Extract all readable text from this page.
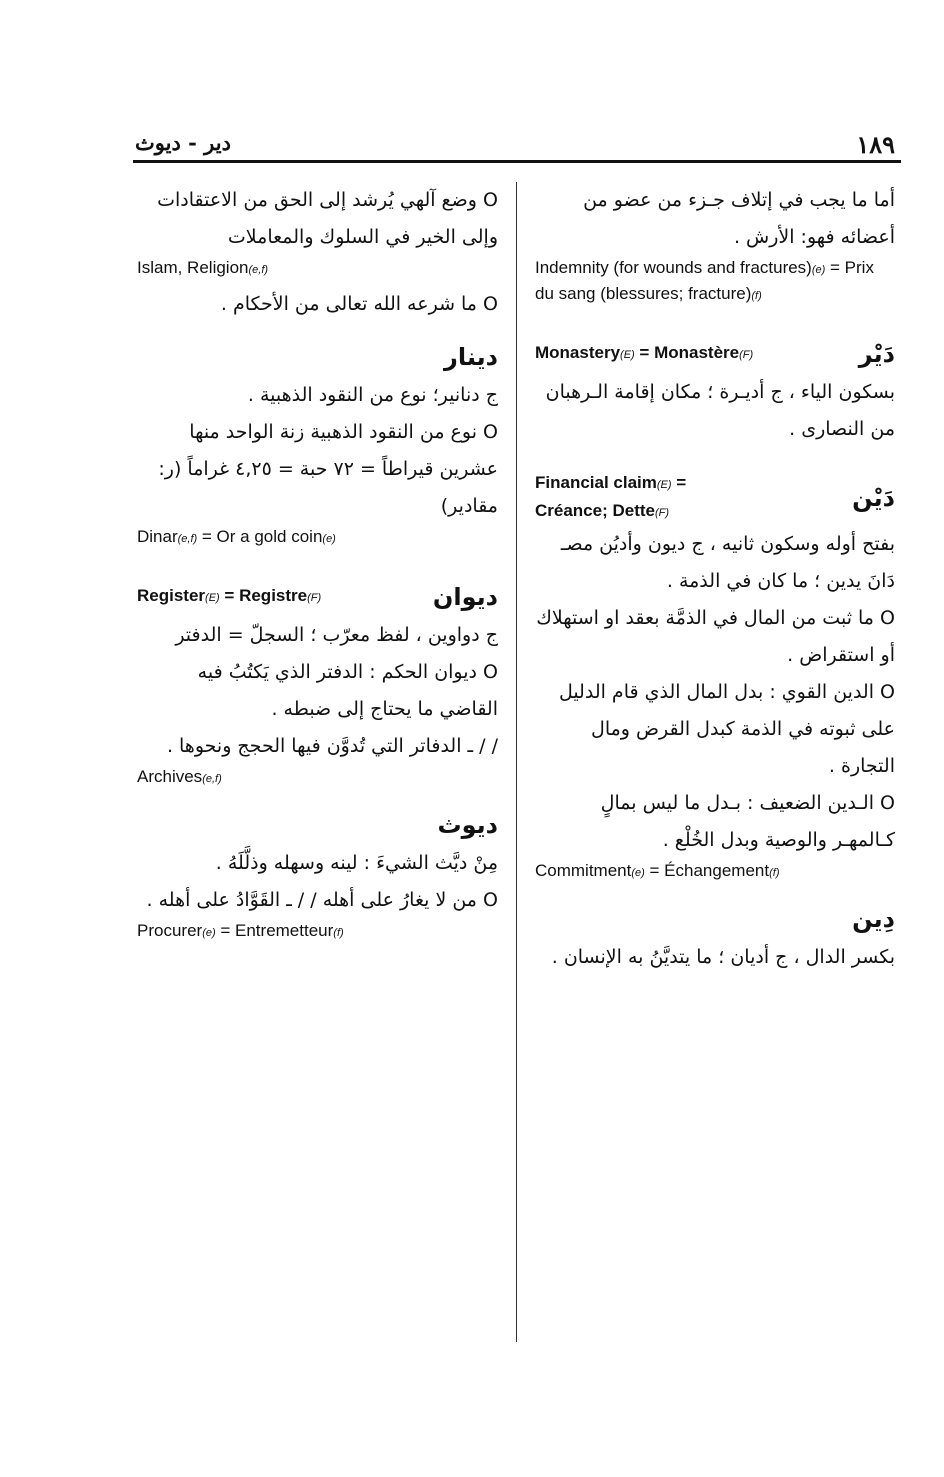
١٨٩
دير - ديوث
أما ما يجب في إتلاف جـزء من عضو من أعضائه فهو: الأرش .
Indemnity (for wounds and fractures)(e) = Prix du sang (blessures; fracture)(f)
Monastery(E) = Monastère(F)	دَيْر
بسكون الياء ، ج أديـرة ؛ مكان إقامة الـرهبان من النصارى .
Financial claim(E) =
Créance; Dette(F)
دَيْن
بفتح أوله وسكون ثانيه ، ج ديون وأديُن مصـ دَانَ يدين ؛ ما كان في الذمة .
O ما ثبت من المال في الذمَّة بعقد او استهلاك أو استقراض .
O الدين القوي : بدل المال الذي قام الدليل على ثبوته في الذمة كبدل القرض ومال التجارة .
O الـدين الضعيف : بـدل ما ليس بمالٍ كـالمهـر والوصية وبدل الخُلْع .
Commitment(e) = Échangement(f)
دِين
بكسر الدال ، ج أديان ؛ ما يتديَّنُ به الإنسان .
O وضع آلهي يُرشد إلى الحق من الاعتقادات وإلى الخير في السلوك والمعاملات
Islam, Religion(e,f)
O ما شرعه الله تعالى من الأحكام .
دينار
ج دنانير؛ نوع من النقود الذهبية .
O نوع من النقود الذهبية زنة الواحد منها عشرين قيراطاً = ٧٢ حبة = ٤,٢٥ غراماً (ر: مقادير)
Dinar(e,f) = Or a gold coin(e)
Register(E) = Registre(F)	ديوان
ج دواوين ، لفظ معرّب ؛ السجلّ = الدفتر
O ديوان الحكم : الدفتر الذي يَكتُبُ فيه القاضي ما يحتاج إلى ضبطه .
/ / ـ الدفاتر التي تُدوَّن فيها الحجج ونحوها .
Archives(e,f)
ديوث
مِنْ ديَّث الشيءَ : لينه وسهله وذلَّلَهُ .
O من لا يغارُ على أهله / / ـ القَوَّادُ على أهله .
Procurer(e) = Entremetteur(f)
